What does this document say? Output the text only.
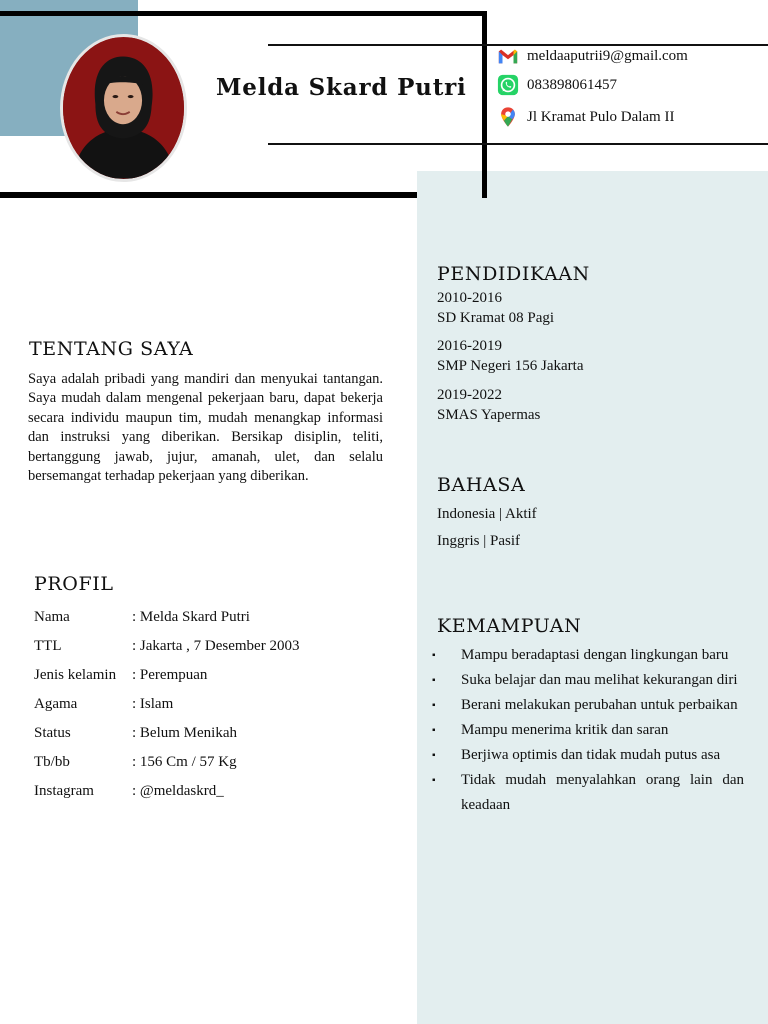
Melda Skard Putri
meldaaputrii9@gmail.com
083898061457
Jl Kramat Pulo Dalam II
TENTANG SAYA

Saya adalah pribadi yang mandiri dan menyukai tantangan. Saya mudah dalam mengenal pekerjaan baru, dapat bekerja secara individu maupun tim, mudah menangkap informasi dan instruksi yang diberikan. Bersikap disiplin, teliti, bertanggung jawab, jujur, amanah, ulet, dan selalu bersemangat terhadap pekerjaan yang diberikan.

PROFIL
Nama	: Melda Skard Putri
TTL	: Jakarta , 7 Desember 2003
Jenis kelamin	: Perempuan
Agama	: Islam
Status	: Belum Menikah
Tb/bb	: 156 Cm / 57 Kg
Instagram	: @meldaskrd_
PENDIDIKAAN
2010-2016
SD Kramat 08 Pagi
2016-2019
SMP Negeri 156 Jakarta
2019-2022
SMAS Yapermas
BAHASA
Indonesia | Aktif
Inggris | Pasif
KEMAMPUAN
▪	Mampu beradaptasi dengan lingkungan baru
▪	Suka belajar dan mau melihat kekurangan diri
▪	Berani melakukan perubahan untuk perbaikan
▪	Mampu menerima kritik dan saran
▪	Berjiwa optimis dan tidak mudah putus asa
▪	Tidak mudah menyalahkan orang lain dan keadaan
